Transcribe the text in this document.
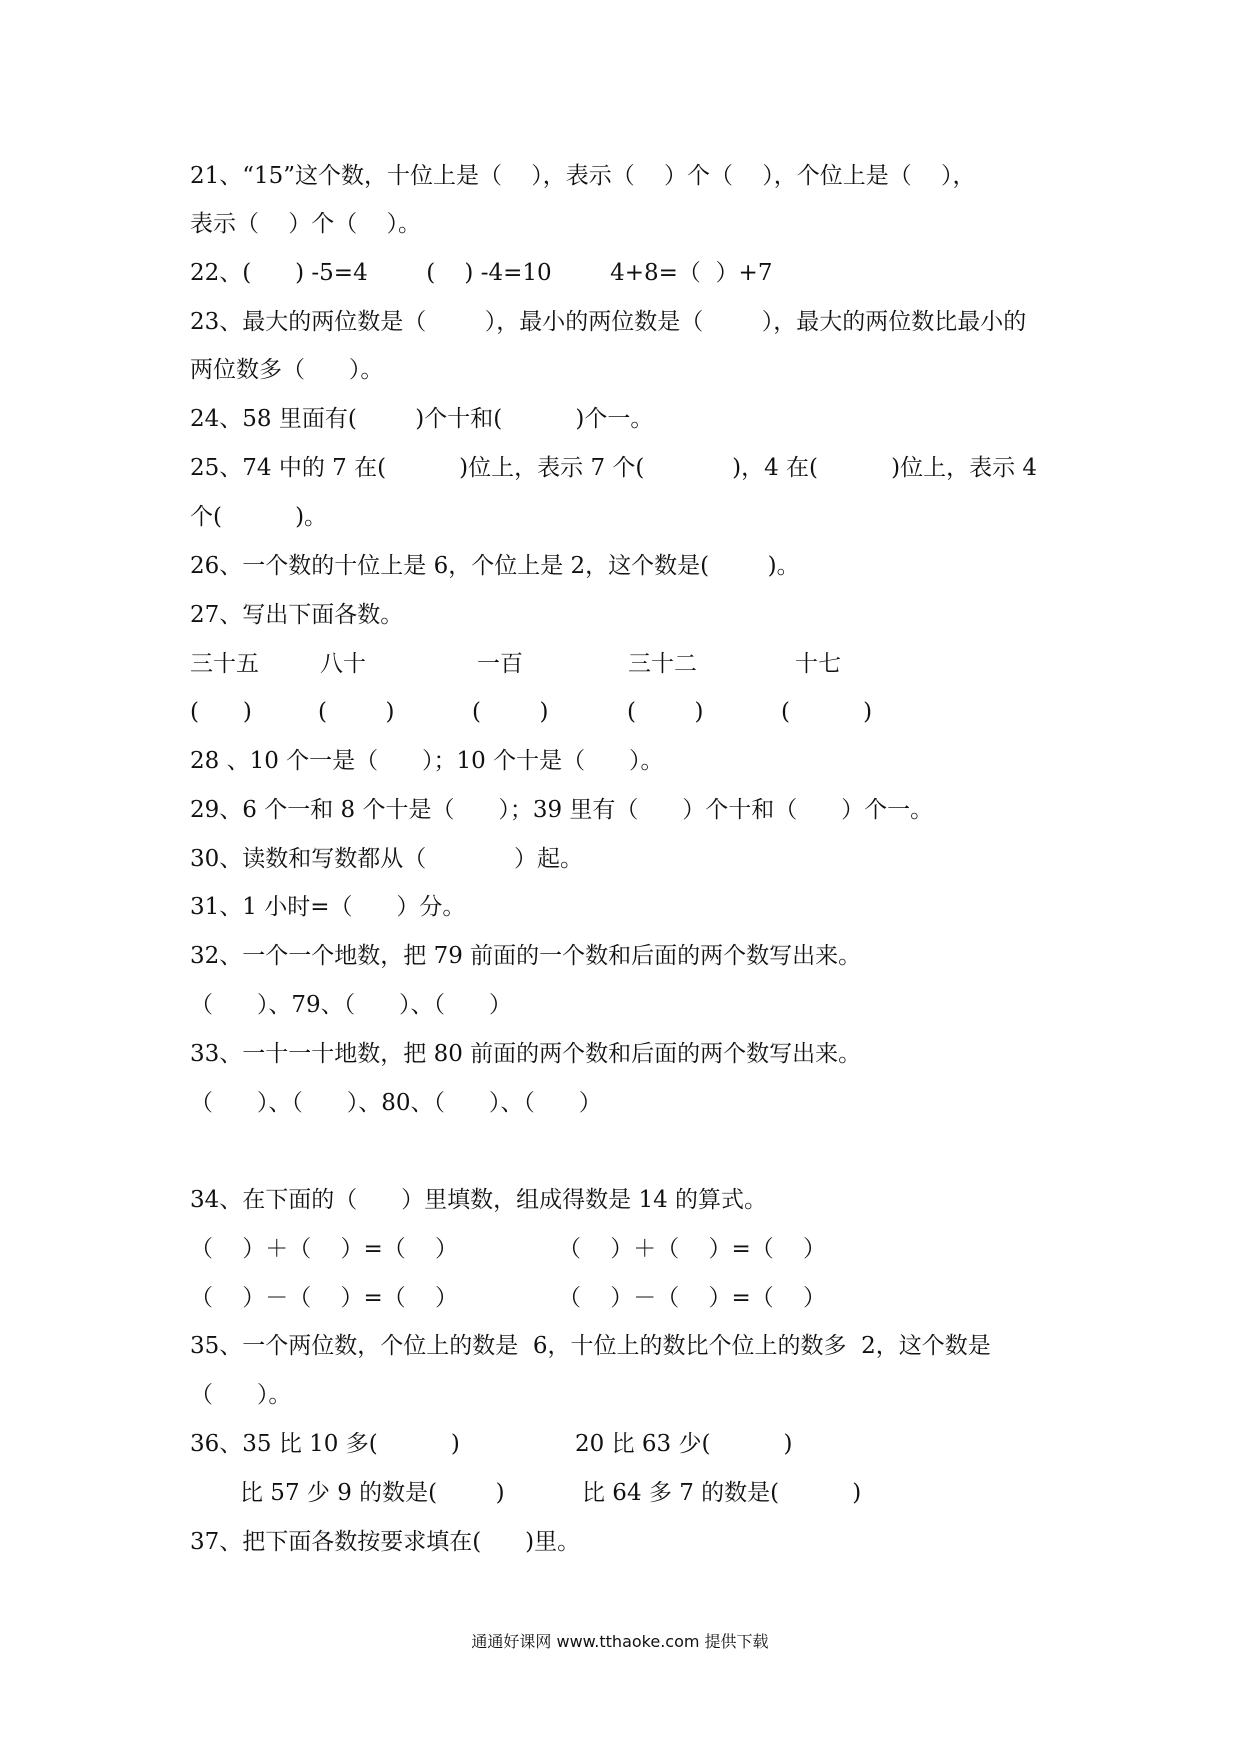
21、“15”这个数，十位上是（    ），表示（    ）个（    ），个位上是（    ），
表示（    ）个（    ）。
22、(      ) -5=4        (    ) -4=10        4+8=（  ）+7
23、最大的两位数是（        ），最小的两位数是（        ），最大的两位数比最小的
两位数多（      ）。
24、58 里面有(        )个十和(          )个一。
25、74 中的 7 在(          )位上，表示 7 个(            )，4 在(          )位上，表示 4
个(          )。
26、一个数的十位上是 6，个位上是 2，这个数是(        )。
27、写出下面各数。
三十五	八十	一百	三十二	十七
(      )	(        )	(        )	(        )	(          )
28 、10 个一是（      ）；10 个十是（      ）。
29、6 个一和 8 个十是（      ）；39 里有（      ）个十和（      ）个一。
30、读数和写数都从（            ）起。
31、1 小时=（      ）分。
32、一个一个地数，把 79 前面的一个数和后面的两个数写出来。
（      ）、79、（      ）、（      ）
33、一十一十地数，把 80 前面的两个数和后面的两个数写出来。
（      ）、（      ）、80、（      ）、（      ）
34、在下面的（      ）里填数，组成得数是 14 的算式。
（    ）＋（    ）=（    ）	（    ）＋（    ）=（    ）
（    ）－（    ）=（    ）	（    ）－（    ）=（    ）
35、一个两位数，个位上的数是  6，十位上的数比个位上的数多  2，这个数是
（      ）。
36、35 比 10 多(          )	20 比 63 少(          )
比 57 少 9 的数是(        )	比 64 多 7 的数是(          )
37、把下面各数按要求填在(      )里。
通通好课网 www.tthaoke.com 提供下载
